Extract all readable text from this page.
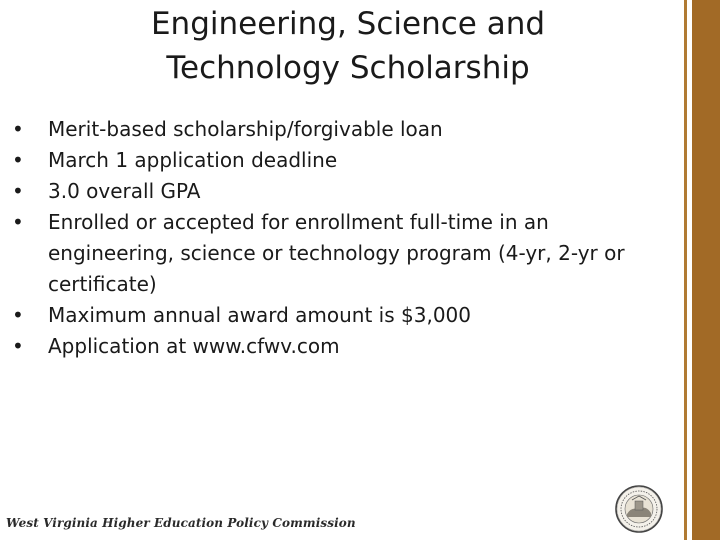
Engineering, Science and
Technology Scholarship
• Merit-based scholarship/forgivable loan
• March 1 application deadline
• 3.0 overall GPA
• Enrolled or accepted for enrollment full-time in an engineering, science or technology program (4-yr, 2-yr or certificate)
• Maximum annual award amount is $3,000
• Application at www.cfwv.com
West Virginia Higher Education Policy Commission
